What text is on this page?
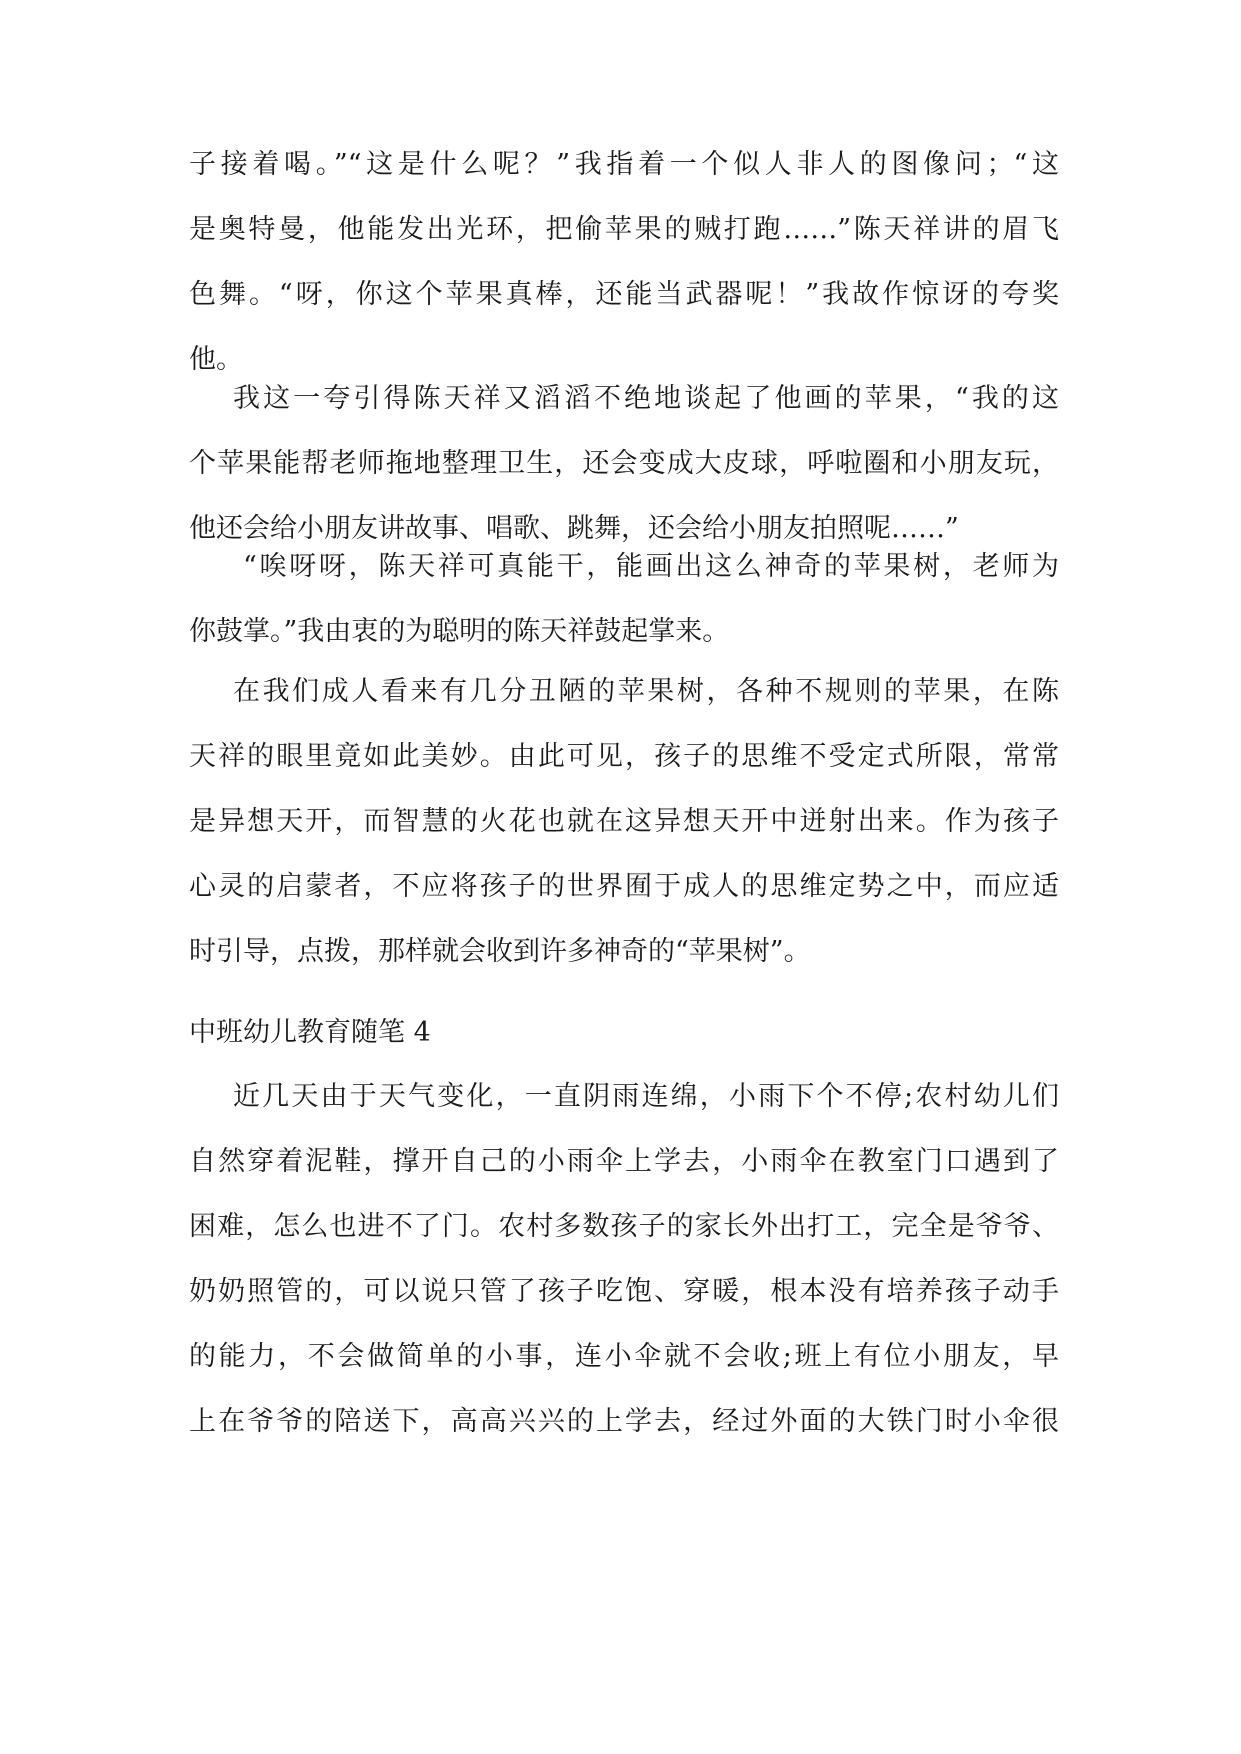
子接着喝。”“这是什么呢？”我指着一个似人非人的图像问；“这
是奥特曼，他能发出光环，把偷苹果的贼打跑……”陈天祥讲的眉飞
色舞。“呀，你这个苹果真棒，还能当武器呢！”我故作惊讶的夸奖
他。
我这一夸引得陈天祥又滔滔不绝地谈起了他画的苹果，“我的这
个苹果能帮老师拖地整理卫生，还会变成大皮球，呼啦圈和小朋友玩，
他还会给小朋友讲故事、唱歌、跳舞，还会给小朋友拍照呢……”
“唉呀呀，陈天祥可真能干，能画出这么神奇的苹果树，老师为
你鼓掌。”我由衷的为聪明的陈天祥鼓起掌来。
在我们成人看来有几分丑陋的苹果树，各种不规则的苹果，在陈
天祥的眼里竟如此美妙。由此可见，孩子的思维不受定式所限，常常
是异想天开，而智慧的火花也就在这异想天开中迸射出来。作为孩子
心灵的启蒙者，不应将孩子的世界囿于成人的思维定势之中，而应适
时引导，点拨，那样就会收到许多神奇的“苹果树”。
中班幼儿教育随笔 4
近几天由于天气变化，一直阴雨连绵，小雨下个不停;农村幼儿们
自然穿着泥鞋，撑开自己的小雨伞上学去，小雨伞在教室门口遇到了
困难，怎么也进不了门。农村多数孩子的家长外出打工，完全是爷爷、
奶奶照管的，可以说只管了孩子吃饱、穿暖，根本没有培养孩子动手
的能力，不会做简单的小事，连小伞就不会收;班上有位小朋友，早
上在爷爷的陪送下，高高兴兴的上学去，经过外面的大铁门时小伞很
